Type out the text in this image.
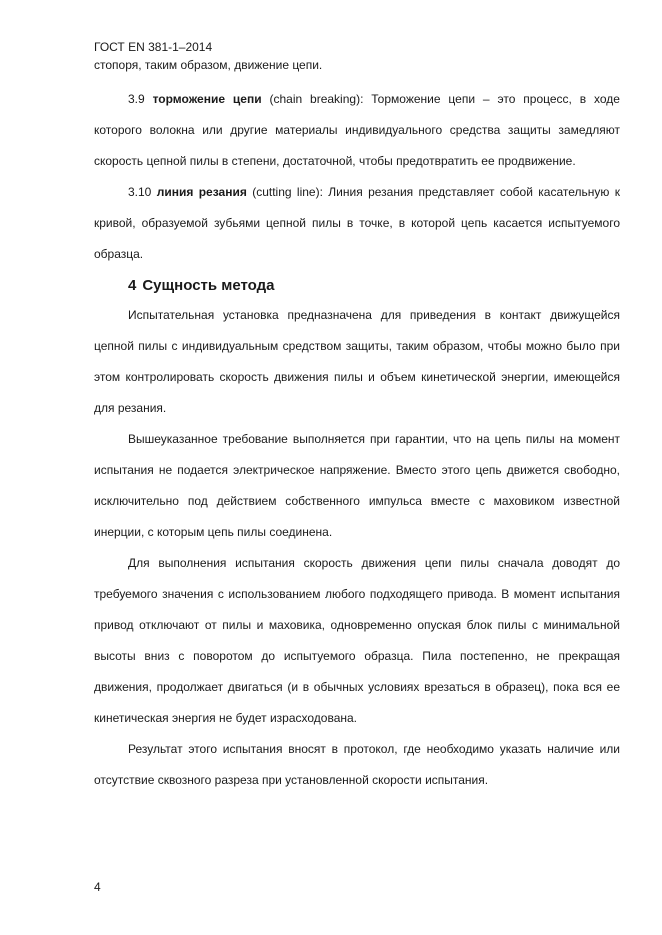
ГОСТ EN 381-1–2014
стопоря, таким образом, движение цепи.

3.9 торможение цепи (chain breaking): Торможение цепи – это процесс, в ходе которого волокна или другие материалы индивидуального средства защиты замедляют скорость цепной пилы в степени, достаточной, чтобы предотвратить ее продвижение.

3.10 линия резания (cutting line): Линия резания представляет собой касательную к кривой, образуемой зубьями цепной пилы в точке, в которой цепь касается испытуемого образца.

4 Сущность метода

Испытательная установка предназначена для приведения в контакт движущейся цепной пилы с индивидуальным средством защиты, таким образом, чтобы можно было при этом контролировать скорость движения пилы и объем кинетической энергии, имеющейся для резания.

Вышеуказанное требование выполняется при гарантии, что на цепь пилы на момент испытания не подается электрическое напряжение. Вместо этого цепь движется свободно, исключительно под действием собственного импульса вместе с маховиком известной инерции, с которым цепь пилы соединена.

Для выполнения испытания скорость движения цепи пилы сначала доводят до требуемого значения с использованием любого подходящего привода. В момент испытания привод отключают от пилы и маховика, одновременно опуская блок пилы с минимальной высоты вниз с поворотом до испытуемого образца. Пила постепенно, не прекращая движения, продолжает двигаться (и в обычных условиях врезаться в образец), пока вся ее кинетическая энергия не будет израсходована.

Результат этого испытания вносят в протокол, где необходимо указать наличие или отсутствие сквозного разреза при установленной скорости испытания.

4
